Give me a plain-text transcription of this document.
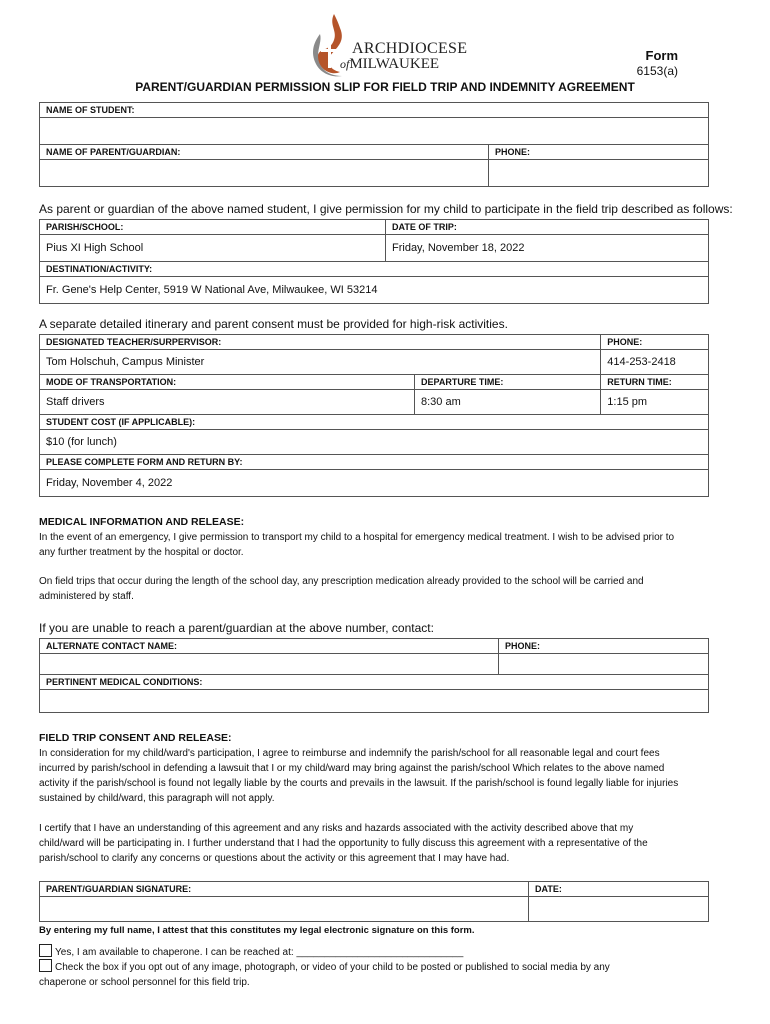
ARCHDIOCESE
ofMILWAUKEE
Form
6153(a)
PARENT/GUARDIAN PERMISSION SLIP FOR FIELD TRIP AND INDEMNITY AGREEMENT
NAME OF STUDENT:	

NAME OF PARENT/GUARDIAN:	PHONE:

As parent or guardian of the above named student, I give permission for my child to participate in the field trip described as follows:
PARISH/SCHOOL:	DATE OF TRIP:
Pius XI High School	Friday, November 18, 2022
DESTINATION/ACTIVITY:	
Fr. Gene's Help Center, 5919 W National Ave, Milwaukee, WI 53214	
A separate detailed itinerary and parent consent must be provided for high-risk activities.
DESIGNATED TEACHER/SURPERVISOR:		PHONE:
Tom Holschuh, Campus Minister		414-253-2418
MODE OF TRANSPORTATION:	DEPARTURE TIME:	RETURN TIME:
Staff drivers	8:30 am	1:15 pm
STUDENT COST (IF APPLICABLE):		
$10 (for lunch)		
PLEASE COMPLETE FORM AND RETURN BY:		
Friday, November 4, 2022		
MEDICAL INFORMATION AND RELEASE:
In the event of an emergency, I give permission to transport my child to a hospital for emergency medical treatment. I wish to be advised prior to
any further treatment by the hospital or doctor.
On field trips that occur during the length of the school day, any prescription medication already provided to the school will be carried and
administered by staff.
If you are unable to reach a parent/guardian at the above number, contact:
ALTERNATE CONTACT NAME:	PHONE:

PERTINENT MEDICAL CONDITIONS:	

FIELD TRIP CONSENT AND RELEASE:
In consideration for my child/ward's participation, I agree to reimburse and indemnify the parish/school for all reasonable legal and court fees
incurred by parish/school in defending a lawsuit that I or my child/ward may bring against the parish/school Which relates to the above named
activity if the parish/school is found not legally liable by the courts and prevails in the lawsuit. If the parish/school is found legally liable for injuries
sustained by child/ward, this paragraph will not apply.
I certify that I have an understanding of this agreement and any risks and hazards associated with the activity described above that my
child/ward will be participating in. I further understand that I had the opportunity to fully discuss this agreement with a representative of the
parish/school to clarify any concerns or questions about the activity or this agreement that I may have had.
PARENT/GUARDIAN SIGNATURE:	DATE:

By entering my full name, I attest that this constitutes my legal electronic signature on this form.
Yes, I am available to chaperone. I can be reached at: ______________________________
Check the box if you opt out of any image, photograph, or video of your child to be posted or published to social media by any
chaperone or school personnel for this field trip.
